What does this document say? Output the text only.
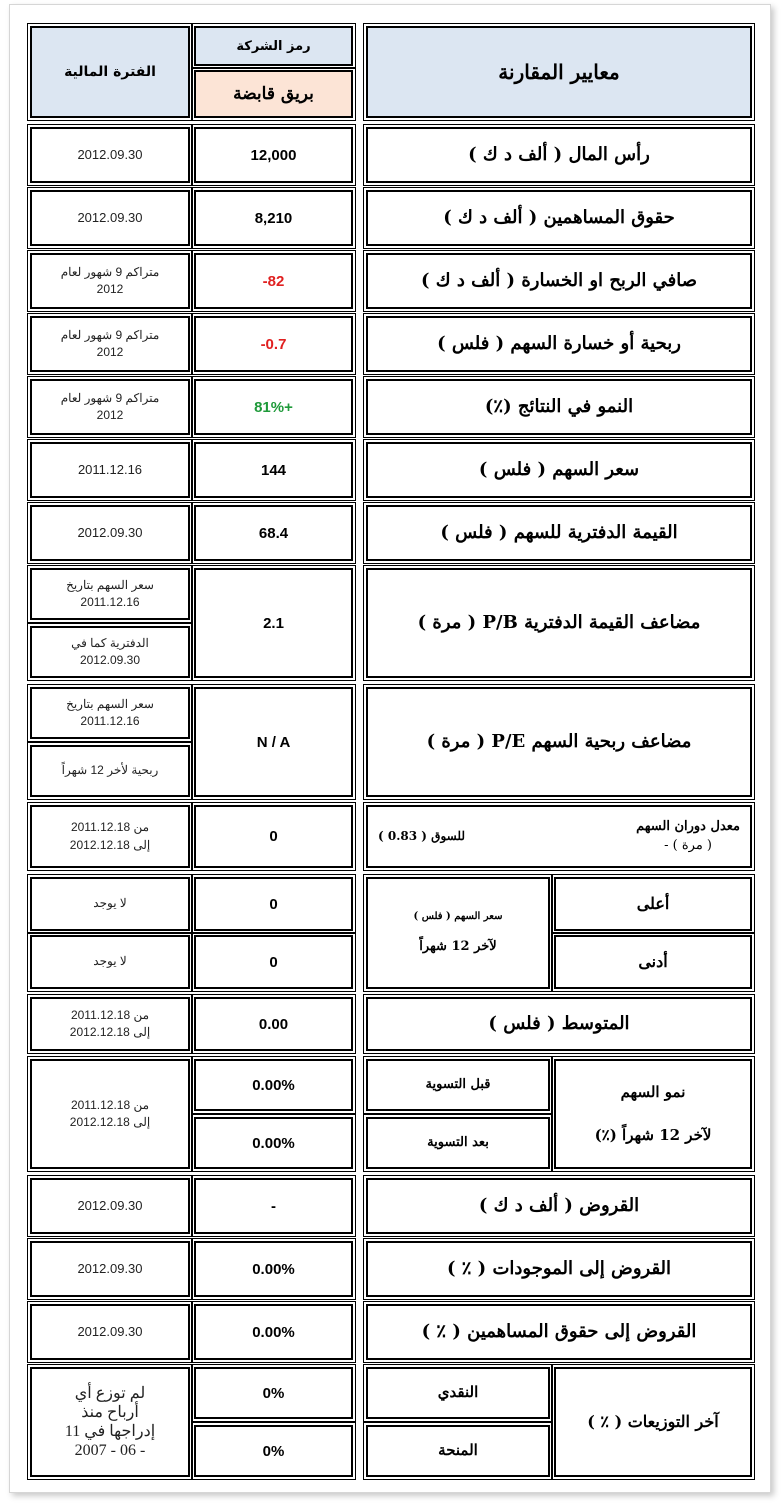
معايير المقارنة
رمز الشركة
بريق قابضة
الفترة المالية
رأس المال ( ألف د ك )
12,000
2012.09.30
حقوق المساهمين ( ألف د ك )
8,210
2012.09.30
صافي الربح او الخسارة ( ألف د ك )
-82
متراكم 9 شهور لعام
2012
ربحية أو خسارة السهم ( فلس )
-0.7
متراكم 9 شهور لعام
2012
النمو في النتائج (٪)
81%+
متراكم 9 شهور لعام
2012
سعر السهم ( فلس )
144
2011.12.16
القيمة الدفترية للسهم ( فلس )
68.4
2012.09.30
مضاعف القيمة الدفترية P/B ( مرة )
2.1
سعر السهم بتاريخ
2011.12.16
الدفترية كما في
2012.09.30
مضاعف ربحية السهم P/E ( مرة )
N / A
سعر السهم بتاريخ
2011.12.16
ربحية لأخر 12 شهراً
معدل دوران السهم
( مرة ) -
للسوق ( 0.83 )
0
من 2011.12.18
إلى 2012.12.18
أعلى
أدنى
سعر السهم ( فلس )
لآخر 12 شهراً
0
0
لا يوجد
لا يوجد
المتوسط ( فلس )
0.00
من 2011.12.18
إلى 2012.12.18
نمو السهم
لآخر 12 شهراً (٪)
قبل التسوية
بعد التسوية
0.00%
0.00%
من 2011.12.18
إلى 2012.12.18
القروض ( ألف د ك )
-
2012.09.30
القروض إلى الموجودات ( ٪ )
0.00%
2012.09.30
القروض إلى حقوق المساهمين ( ٪ )
0.00%
2012.09.30
آخر التوزيعات ( ٪ )
النقدي
المنحة
0%
0%
لم توزع أي
أرباح منذ
إدراجها في 11
- 06 - 2007
